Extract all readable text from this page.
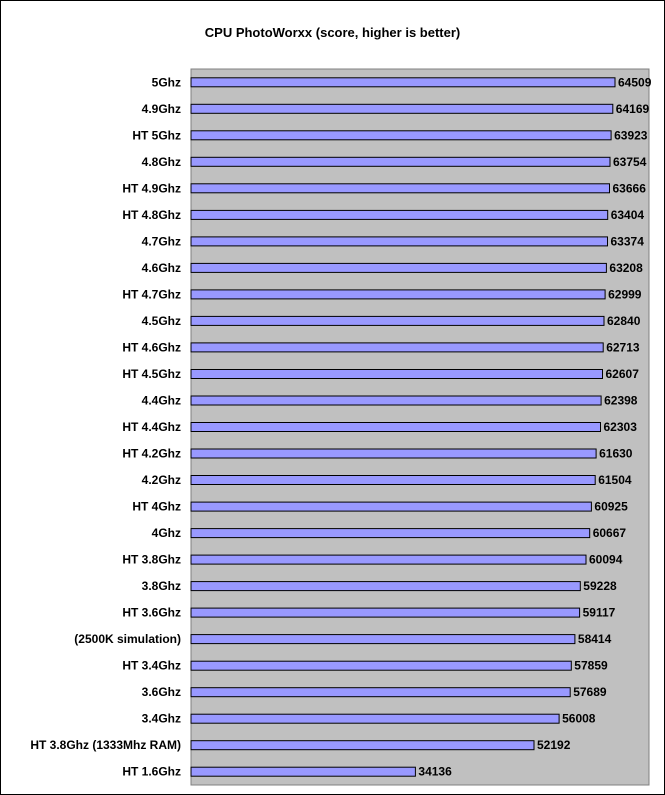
CPU PhotoWorxx (score, higher is better)
5Ghz
4.9Ghz
HT 5Ghz
4.8Ghz
HT 4.9Ghz
HT 4.8Ghz
4.7Ghz
4.6Ghz
HT 4.7Ghz
4.5Ghz
HT 4.6Ghz
HT 4.5Ghz
4.4Ghz
HT 4.4Ghz
HT 4.2Ghz
4.2Ghz
HT 4Ghz
4Ghz
HT 3.8Ghz
3.8Ghz
HT 3.6Ghz
(2500K simulation)
HT 3.4Ghz
3.6Ghz
3.4Ghz
HT 3.8Ghz (1333Mhz RAM)
HT 1.6Ghz
64509
64169
63923
63754
63666
63404
63374
63208
62999
62840
62713
62607
62398
62303
61630
61504
60925
60667
60094
59228
59117
58414
57859
57689
56008
52192
34136
